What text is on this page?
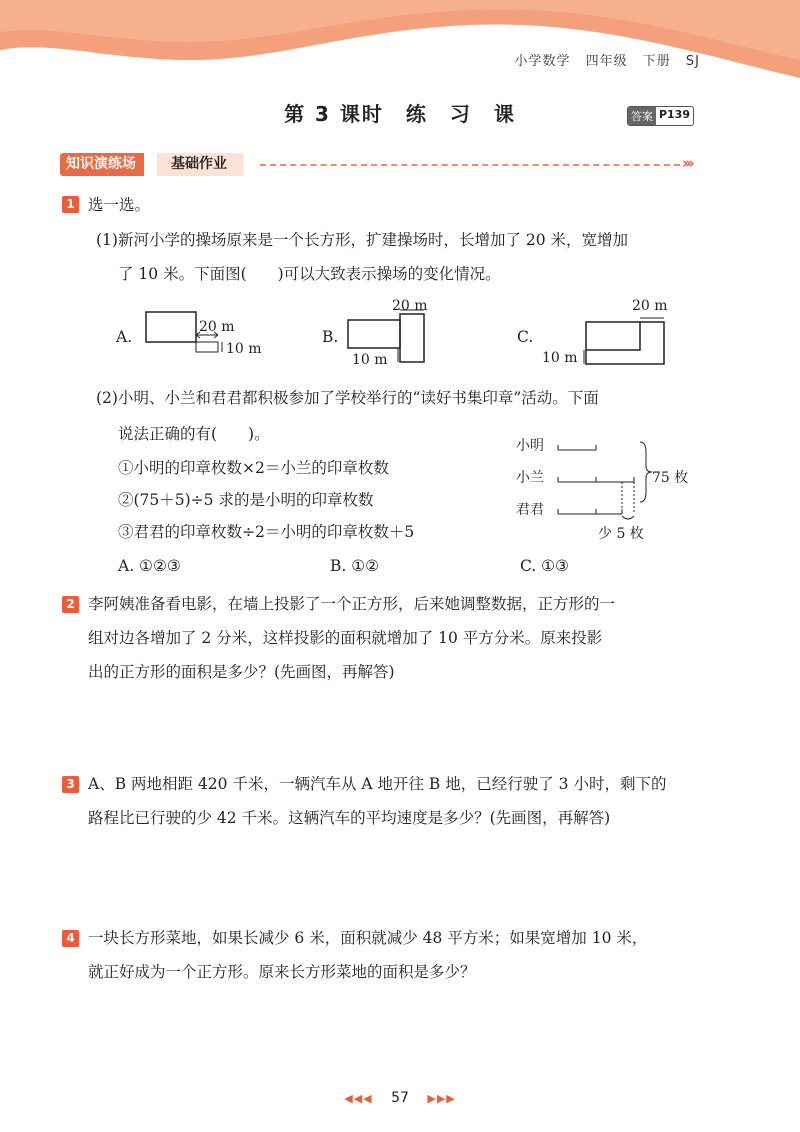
小学数学 四年级 下册 SJ
第 3 课时　练　习　课	答案 P139
知识演练场	基础作业	›››
1 选一选。
(1)新河小学的操场原来是一个长方形，扩建操场时，长增加了 20 米，宽增加
了 10 米。下面图(　　)可以大致表示操场的变化情况。
A.
20 m
10 m
B.
20 m
10 m
C.
20 m
10 m
(2)小明、小兰和君君都积极参加了学校举行的“读好书集印章”活动。下面
说法正确的有(　　)。
①小明的印章枚数×2＝小兰的印章枚数
②(75＋5)÷5 求的是小明的印章枚数
③君君的印章枚数÷2＝小明的印章枚数＋5
A. ①②③	B. ①②	C. ①③
小明
小兰
君君
75 枚
少 5 枚
2 李阿姨准备看电影，在墙上投影了一个正方形，后来她调整数据，正方形的一
组对边各增加了 2 分米，这样投影的面积就增加了 10 平方分米。原来投影
出的正方形的面积是多少？(先画图，再解答)
3 A、B 两地相距 420 千米，一辆汽车从 A 地开往 B 地，已经行驶了 3 小时，剩下的
路程比已行驶的少 42 千米。这辆汽车的平均速度是多少？(先画图，再解答)
4 一块长方形菜地，如果长减少 6 米，面积就减少 48 平方米；如果宽增加 10 米，
就正好成为一个正方形。原来长方形菜地的面积是多少？
◀◀◀ 57 ▶▶▶
